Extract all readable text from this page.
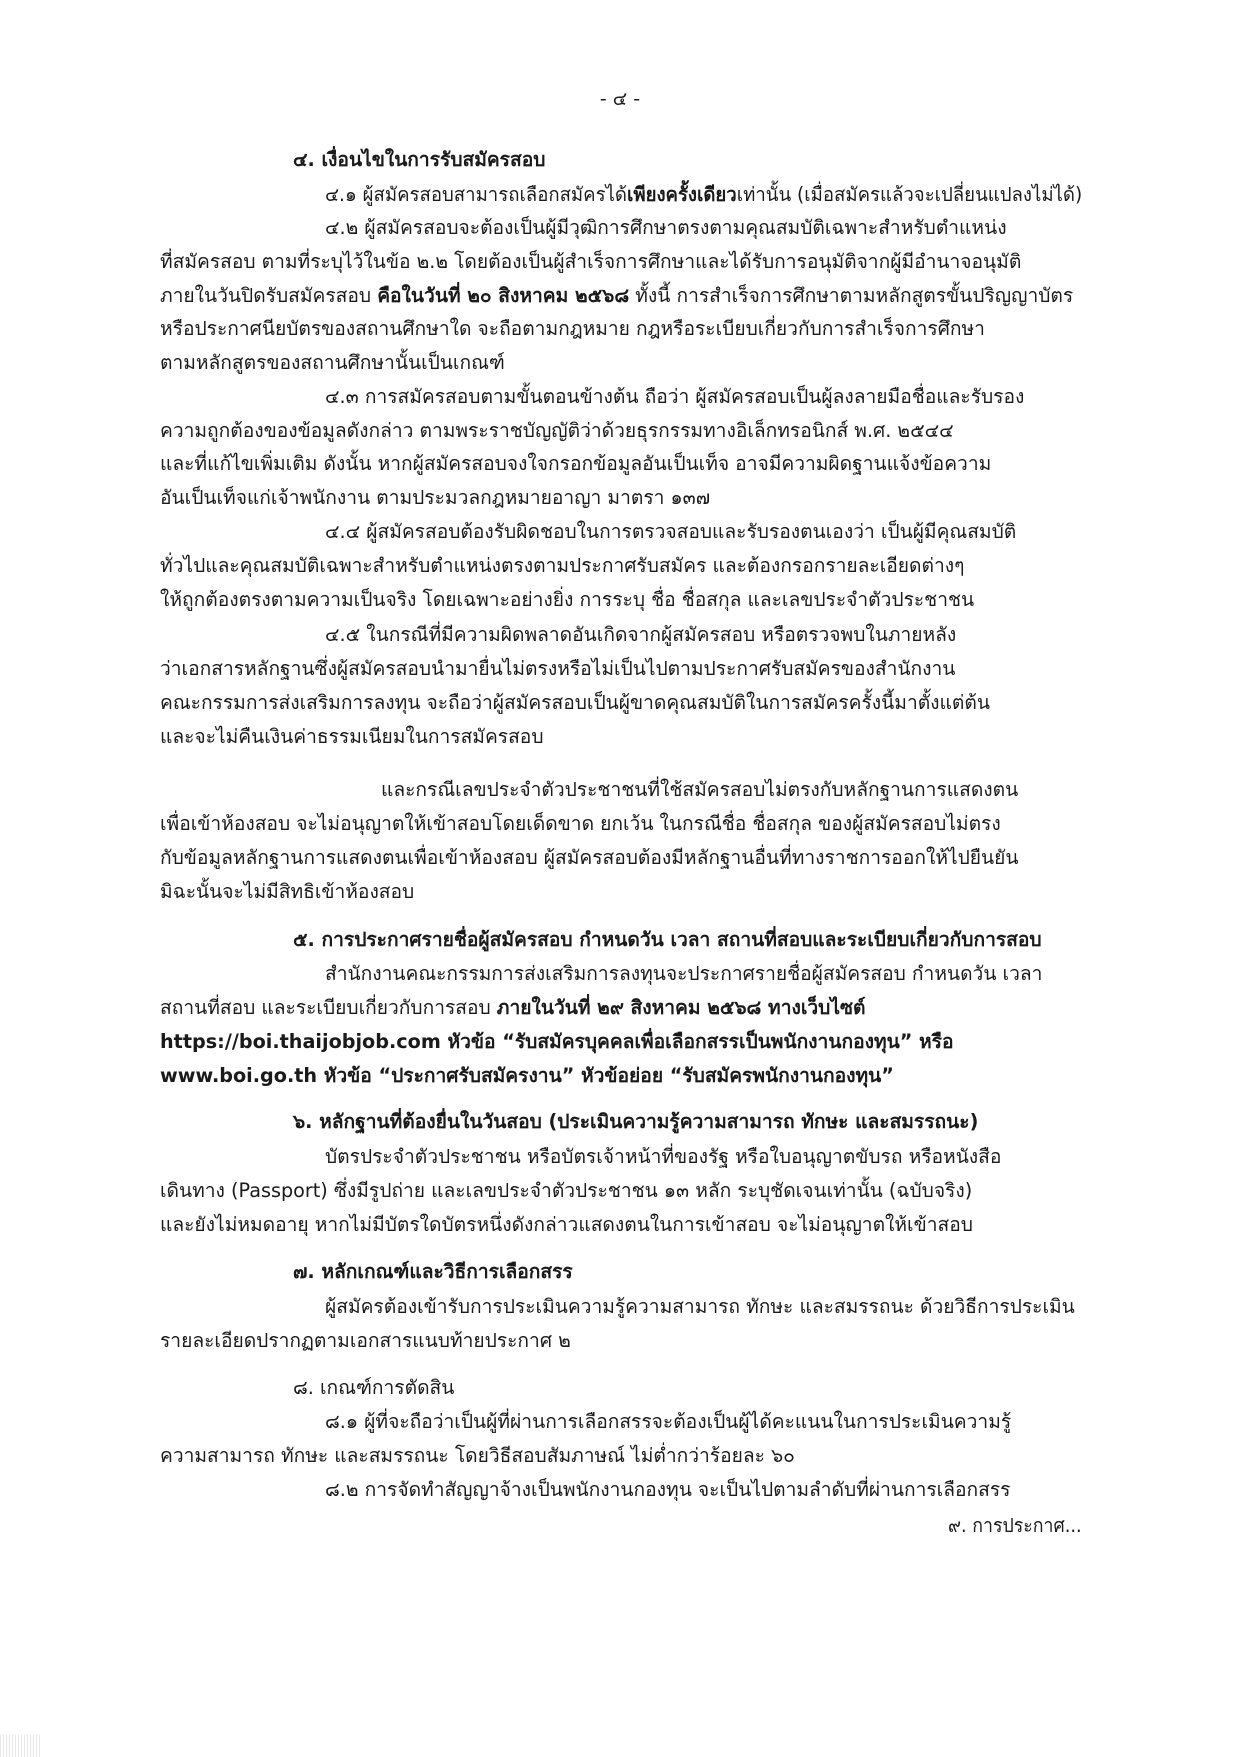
- ๔ -
๔. เงื่อนไขในการรับสมัครสอบ
๔.๑ ผู้สมัครสอบสามารถเลือกสมัครได้เพียงครั้งเดียวเท่านั้น (เมื่อสมัครแล้วจะเปลี่ยนแปลงไม่ได้)
๔.๒ ผู้สมัครสอบจะต้องเป็นผู้มีวุฒิการศึกษาตรงตามคุณสมบัติเฉพาะสำหรับตำแหน่ง
ที่สมัครสอบ ตามที่ระบุไว้ในข้อ ๒.๒ โดยต้องเป็นผู้สำเร็จการศึกษาและได้รับการอนุมัติจากผู้มีอำนาจอนุมัติ
ภายในวันปิดรับสมัครสอบ คือในวันที่ ๒๐ สิงหาคม ๒๕๖๘ ทั้งนี้ การสำเร็จการศึกษาตามหลักสูตรขั้นปริญญาบัตร
หรือประกาศนียบัตรของสถานศึกษาใด จะถือตามกฎหมาย กฎหรือระเบียบเกี่ยวกับการสำเร็จการศึกษา
ตามหลักสูตรของสถานศึกษานั้นเป็นเกณฑ์
๔.๓ การสมัครสอบตามขั้นตอนข้างต้น ถือว่า ผู้สมัครสอบเป็นผู้ลงลายมือชื่อและรับรอง
ความถูกต้องของข้อมูลดังกล่าว ตามพระราชบัญญัติว่าด้วยธุรกรรมทางอิเล็กทรอนิกส์ พ.ศ. ๒๕๔๔
และที่แก้ไขเพิ่มเติม ดังนั้น หากผู้สมัครสอบจงใจกรอกข้อมูลอันเป็นเท็จ อาจมีความผิดฐานแจ้งข้อความ
อันเป็นเท็จแก่เจ้าพนักงาน ตามประมวลกฎหมายอาญา มาตรา ๑๓๗
๔.๔ ผู้สมัครสอบต้องรับผิดชอบในการตรวจสอบและรับรองตนเองว่า เป็นผู้มีคุณสมบัติ
ทั่วไปและคุณสมบัติเฉพาะสำหรับตำแหน่งตรงตามประกาศรับสมัคร และต้องกรอกรายละเอียดต่างๆ
ให้ถูกต้องตรงตามความเป็นจริง โดยเฉพาะอย่างยิ่ง การระบุ ชื่อ ชื่อสกุล และเลขประจำตัวประชาชน
๔.๕ ในกรณีที่มีความผิดพลาดอันเกิดจากผู้สมัครสอบ หรือตรวจพบในภายหลัง
ว่าเอกสารหลักฐานซึ่งผู้สมัครสอบนำมายื่นไม่ตรงหรือไม่เป็นไปตามประกาศรับสมัครของสำนักงาน
คณะกรรมการส่งเสริมการลงทุน จะถือว่าผู้สมัครสอบเป็นผู้ขาดคุณสมบัติในการสมัครครั้งนี้มาตั้งแต่ต้น
และจะไม่คืนเงินค่าธรรมเนียมในการสมัครสอบ
และกรณีเลขประจำตัวประชาชนที่ใช้สมัครสอบไม่ตรงกับหลักฐานการแสดงตน
เพื่อเข้าห้องสอบ จะไม่อนุญาตให้เข้าสอบโดยเด็ดขาด ยกเว้น ในกรณีชื่อ ชื่อสกุล ของผู้สมัครสอบไม่ตรง
กับข้อมูลหลักฐานการแสดงตนเพื่อเข้าห้องสอบ ผู้สมัครสอบต้องมีหลักฐานอื่นที่ทางราชการออกให้ไปยืนยัน
มิฉะนั้นจะไม่มีสิทธิเข้าห้องสอบ
๕. การประกาศรายชื่อผู้สมัครสอบ กำหนดวัน เวลา สถานที่สอบและระเบียบเกี่ยวกับการสอบ
สำนักงานคณะกรรมการส่งเสริมการลงทุนจะประกาศรายชื่อผู้สมัครสอบ กำหนดวัน เวลา
สถานที่สอบ และระเบียบเกี่ยวกับการสอบ ภายในวันที่ ๒๙ สิงหาคม ๒๕๖๘ ทางเว็บไซต์
https://boi.thaijobjob.com หัวข้อ “รับสมัครบุคคลเพื่อเลือกสรรเป็นพนักงานกองทุน” หรือ
www.boi.go.th หัวข้อ “ประกาศรับสมัครงาน” หัวข้อย่อย “รับสมัครพนักงานกองทุน”
๖. หลักฐานที่ต้องยื่นในวันสอบ (ประเมินความรู้ความสามารถ ทักษะ และสมรรถนะ)
บัตรประจำตัวประชาชน หรือบัตรเจ้าหน้าที่ของรัฐ หรือใบอนุญาตขับรถ หรือหนังสือ
เดินทาง (Passport) ซึ่งมีรูปถ่าย และเลขประจำตัวประชาชน ๑๓ หลัก ระบุชัดเจนเท่านั้น (ฉบับจริง)
และยังไม่หมดอายุ หากไม่มีบัตรใดบัตรหนึ่งดังกล่าวแสดงตนในการเข้าสอบ จะไม่อนุญาตให้เข้าสอบ
๗. หลักเกณฑ์และวิธีการเลือกสรร
ผู้สมัครต้องเข้ารับการประเมินความรู้ความสามารถ ทักษะ และสมรรถนะ ด้วยวิธีการประเมิน
รายละเอียดปรากฏตามเอกสารแนบท้ายประกาศ ๒
๘. เกณฑ์การตัดสิน
๘.๑ ผู้ที่จะถือว่าเป็นผู้ที่ผ่านการเลือกสรรจะต้องเป็นผู้ได้คะแนนในการประเมินความรู้
ความสามารถ ทักษะ และสมรรถนะ โดยวิธีสอบสัมภาษณ์ ไม่ต่ำกว่าร้อยละ ๖๐
๘.๒ การจัดทำสัญญาจ้างเป็นพนักงานกองทุน จะเป็นไปตามลำดับที่ผ่านการเลือกสรร
๙. การประกาศ...
